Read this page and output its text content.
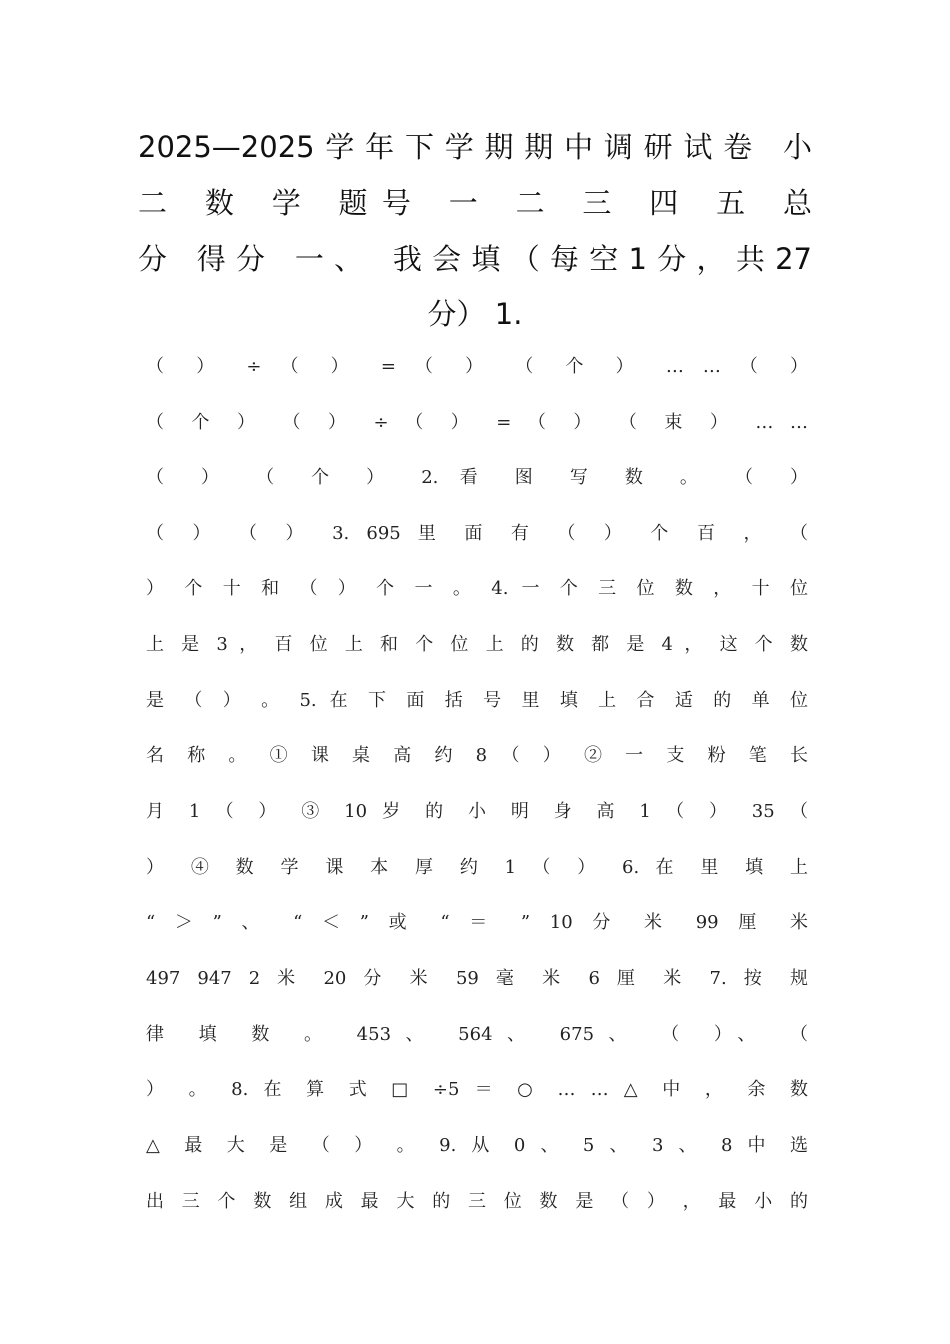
2025—2025学年下学期期中调研试卷 小
二 数 学 题号 一 二 三 四 五 总
分 得分 一、 我会填（每空1分，共27
分） 1.
（ ） ÷ （ ） = （ ） （ 个 ） … … （ ）
（ 个 ） （ ） ÷ （ ） = （ ） （ 束 ） … …
（ ） （ 个 ） 2. 看 图 写 数 。 （ ）
（ ） （ ） 3. 695 里 面 有 （ ） 个 百 ， （
） 个 十 和 （ ） 个 一 。 4. 一 个 三 位 数 ， 十 位
上 是 3 ， 百 位 上 和 个 位 上 的 数 都 是 4 ， 这 个 数
是 （ ） 。 5. 在 下 面 括 号 里 填 上 合 适 的 单 位
名 称 。 ① 课 桌 高 约 8 （ ） ② 一 支 粉 笔 长
月 1 （ ） ③ 10 岁 的 小 明 身 高 1 （ ） 35 （
） ④ 数 学 课 本 厚 约 1 （ ） 6. 在 里 填 上
“ ＞ ” 、 “ ＜ ” 或 “ ＝ ” 10 分 米 99 厘 米
497 947 2 米 20 分 米 59 毫 米 6 厘 米 7. 按 规
律 填 数 。 453、 564、 675、 （ ）、 （
） 。 8. 在 算 式 □ ÷5 ＝ ○ … … △ 中 ， 余 数
△ 最 大 是 （ ） 。 9. 从 0 、 5 、 3 、 8 中 选
出 三 个 数 组 成 最 大 的 三 位 数 是 （ ） ， 最 小 的
